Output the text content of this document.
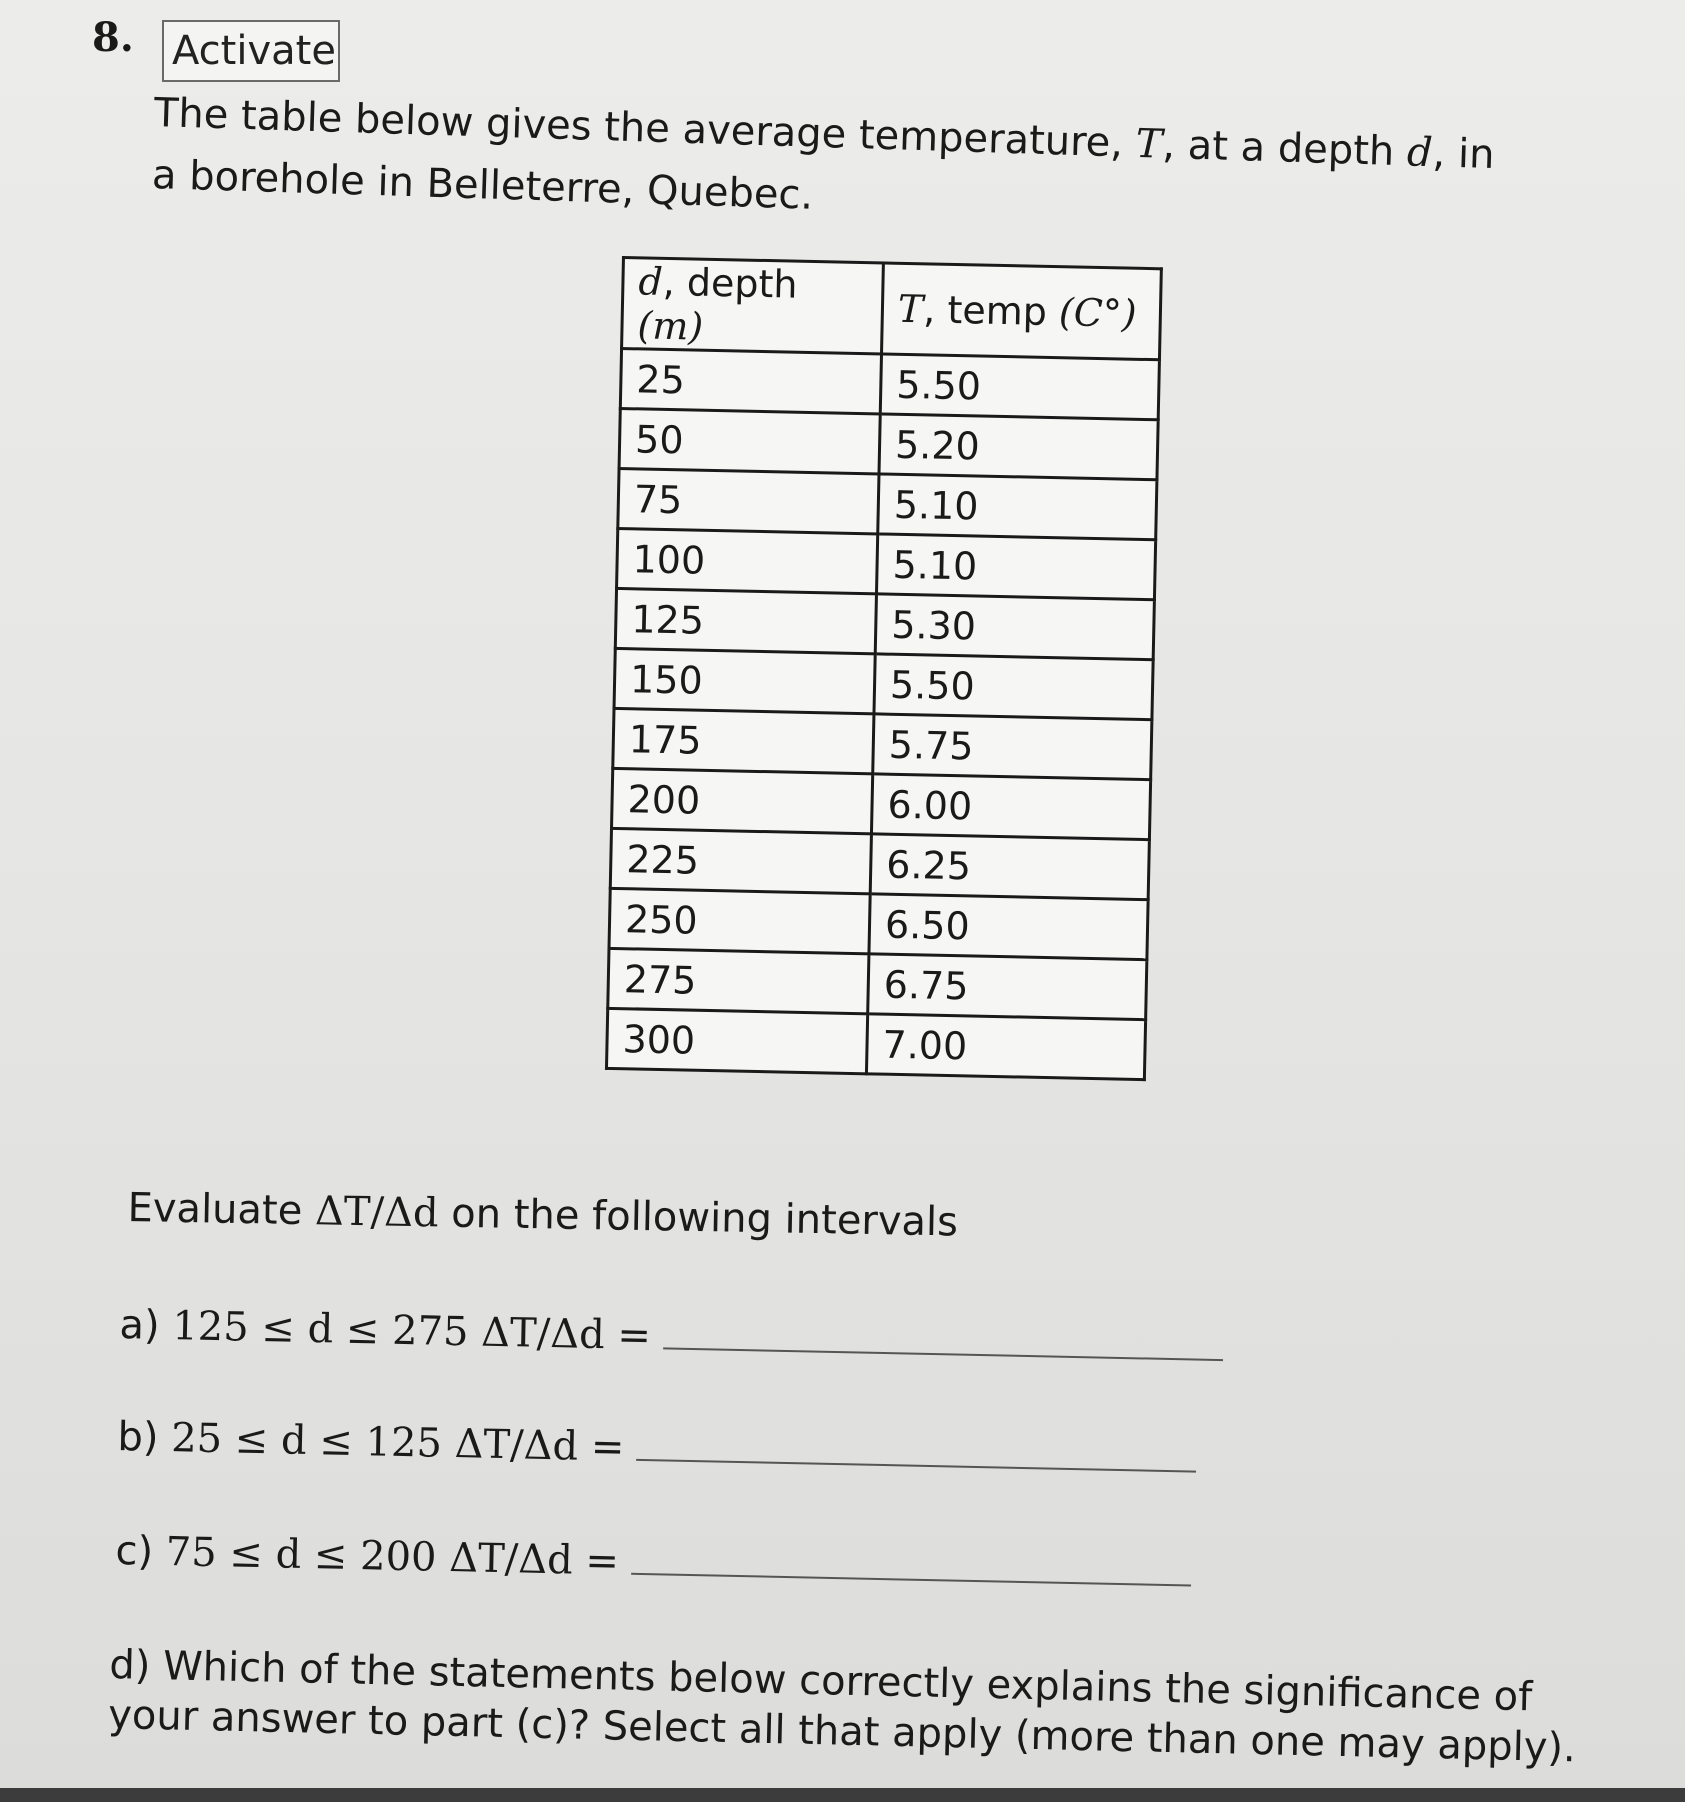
8. Activate
The table below gives the average temperature, T, at a depth d, in a borehole in Belleterre, Quebec.
d, depth (m)	T, temp (C°)
25	5.50
50	5.20
75	5.10
100	5.10
125	5.30
150	5.50
175	5.75
200	6.00
225	6.25
250	6.50
275	6.75
300	7.00
Evaluate ΔT/Δd on the following intervals
a) 125 ≤ d ≤ 275 ΔT/Δd =
b) 25 ≤ d ≤ 125 ΔT/Δd =
c) 75 ≤ d ≤ 200 ΔT/Δd =
d) Which of the statements below correctly explains the significance of your answer to part (c)? Select all that apply (more than one may apply).
